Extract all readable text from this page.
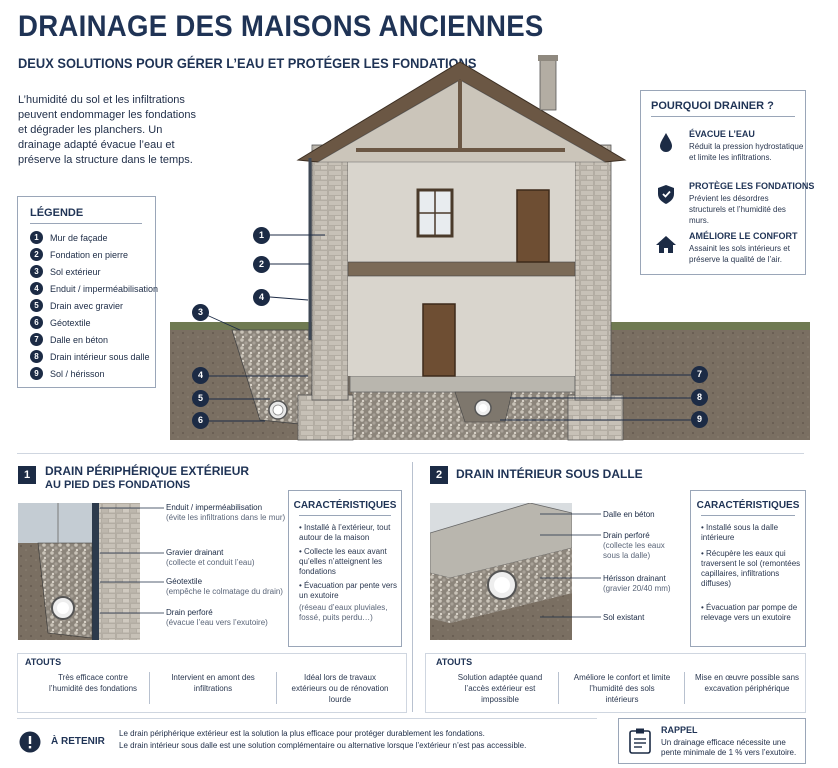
DRAINAGE DES MAISONS ANCIENNES
DEUX SOLUTIONS POUR GÉRER L’EAU ET PROTÉGER LES FONDATIONS
L’humidité du sol et les infiltrations peuvent endommager les fondations et dégrader les planchers. Un drainage adapté évacue l’eau et préserve la structure dans le temps.
1
2
4
3
4
5
6
7
8
9
LÉGENDE
1	Mur de façade
2	Fondation en pierre
3	Sol extérieur
4	Enduit / imperméabilisation
5	Drain avec gravier
6	Géotextile
7	Dalle en béton
8	Drain intérieur sous dalle
9	Sol / hérisson
POURQUOI DRAINER ?
ÉVACUE L’EAU
Réduit la pression hydrostatique et limite les infiltrations.
PROTÈGE LES FONDATIONS
Prévient les désordres structurels et l’humidité des murs.
AMÉLIORE LE CONFORT
Assainit les sols intérieurs et préserve la qualité de l’air.
1	DRAIN PÉRIPHÉRIQUE EXTÉRIEUR
AU PIED DES FONDATIONS
Enduit / imperméabilisation
(évite les infiltrations dans le mur)
Gravier drainant
(collecte et conduit l’eau)
Géotextile
(empêche le colmatage du drain)
Drain perforé
(évacue l’eau vers l’exutoire)
CARACTÉRISTIQUES
• Installé à l’extérieur, tout autour de la maison
• Collecte les eaux avant qu’elles n’atteignent les fondations
• Évacuation par pente vers un exutoire
(réseau d’eaux pluviales, fossé, puits perdu…)
ATOUTS
Très efficace contre l’humidité des fondations
Intervient en amont des infiltrations
Idéal lors de travaux extérieurs ou de rénovation lourde
2	DRAIN INTÉRIEUR SOUS DALLE
Dalle en béton
Drain perforé
(collecte les eaux sous la dalle)
Hérisson drainant
(gravier 20/40 mm)
Sol existant
CARACTÉRISTIQUES
• Installé sous la dalle intérieure
• Récupère les eaux qui traversent le sol (remontées capillaires, infiltrations diffuses)
• Évacuation par pompe de relevage vers un exutoire
ATOUTS
Solution adaptée quand l’accès extérieur est impossible
Améliore le confort et limite l’humidité des sols intérieurs
Mise en œuvre possible sans excavation périphérique
À RETENIR
Le drain périphérique extérieur est la solution la plus efficace pour protéger durablement les fondations.
Le drain intérieur sous dalle est une solution complémentaire ou alternative lorsque l’extérieur n’est pas accessible.
RAPPEL
Un drainage efficace nécessite une pente minimale de 1 % vers l’exutoire.
